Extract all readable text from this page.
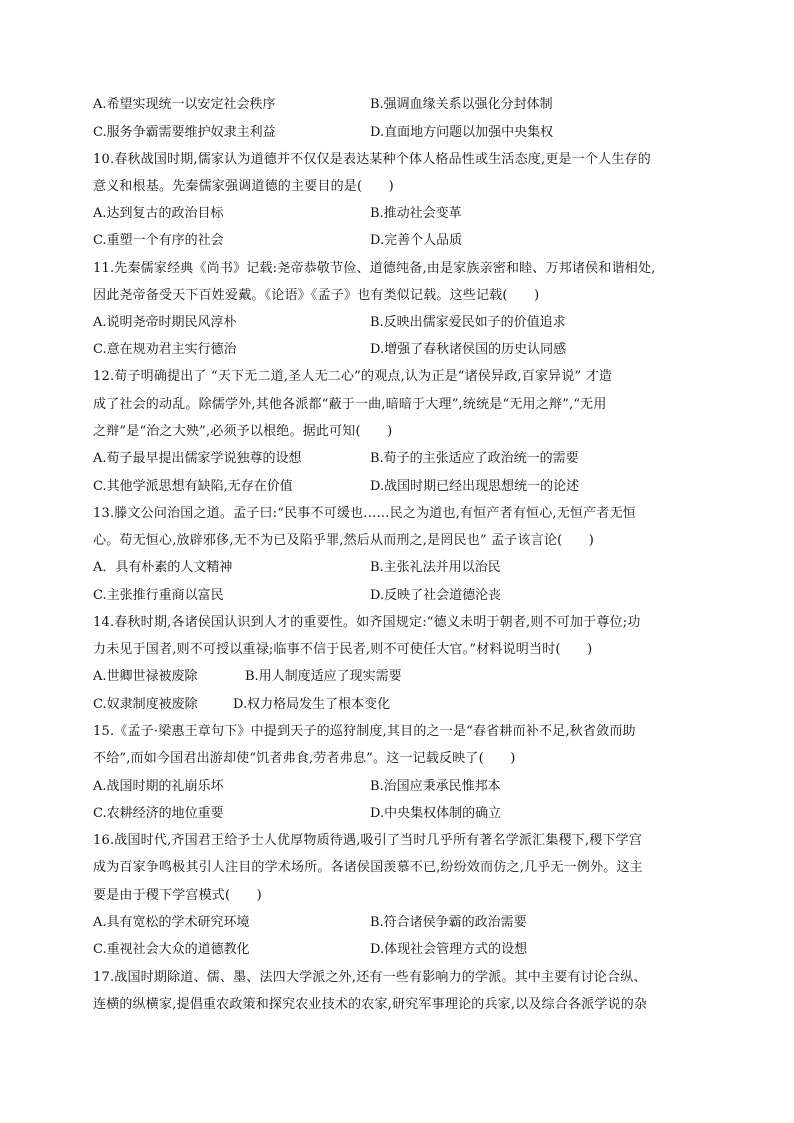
A.希望实现统一以安定社会秩序	B.强调血缘关系以强化分封体制
C.服务争霸需要维护奴隶主利益	D.直面地方问题以加强中央集权
10.春秋战国时期,儒家认为道德并不仅仅是表达某种个体人格品性或生活态度,更是一个人生存的
意义和根基。先秦儒家强调道德的主要目的是(　　)
A.达到复古的政治目标	B.推动社会变革
C.重塑一个有序的社会	D.完善个人品质
11.先秦儒家经典《尚书》记载:尧帝恭敬节俭、道德纯备,由是家族亲密和睦、万邦诸侯和谐相处,
因此尧帝备受天下百姓爱戴。《论语》《孟子》也有类似记载。这些记载(　　)
A.说明尧帝时期民风淳朴	B.反映出儒家爱民如子的价值追求
C.意在规劝君主实行德治	D.增强了春秋诸侯国的历史认同感
12.荀子明确提出了 “天下无二道,圣人无二心”的观点,认为正是“诸侯异政,百家异说” 才造
成了社会的动乱。除儒学外,其他各派都“蔽于一曲,暗暗于大理”,统统是“无用之辩”,“无用
之辩”是“治之大殃”,必须予以根绝。据此可知(　　)
A.荀子最早提出儒家学说独尊的设想	B.荀子的主张适应了政治统一的需要
C.其他学派思想有缺陷,无存在价值	D.战国时期已经出现思想统一的论述
13.滕文公问治国之道。孟子曰:“民事不可缓也……民之为道也,有恒产者有恒心,无恒产者无恒
心。苟无恒心,放辟邪侈,无不为已及陷乎罪,然后从而刑之,是罔民也” 孟子该言论(　　)
A．具有朴素的人文精神	B.主张礼法并用以治民
C.主张推行重商以富民	D.反映了社会道德沦丧
14.春秋时期,各诸侯国认识到人才的重要性。如齐国规定:“德义未明于朝者,则不可加于尊位;功
力未见于国者,则不可授以重禄;临事不信于民者,则不可使任大官。”材料说明当时(　　)
A.世卿世禄被废除	B.用人制度适应了现实需要
C.奴隶制度被废除	D.权力格局发生了根本变化
15.《孟子·梁惠王章句下》中提到天子的巡狩制度,其目的之一是“春省耕而补不足,秋省敛而助
不给”,而如今国君出游却使“饥者弗食,劳者弗息”。这一记载反映了(　　)
A.战国时期的礼崩乐坏	B.治国应秉承民惟邦本
C.农耕经济的地位重要	D.中央集权体制的确立
16.战国时代,齐国君王给予士人优厚物质待遇,吸引了当时几乎所有著名学派汇集稷下,稷下学宫
成为百家争鸣极其引人注目的学术场所。各诸侯国羡慕不已,纷纷效而仿之,几乎无一例外。这主
要是由于稷下学宫模式(　　)
A.具有宽松的学术研究环境	B.符合诸侯争霸的政治需要
C.重视社会大众的道德教化	D.体现社会管理方式的设想
17.战国时期除道、儒、墨、法四大学派之外,还有一些有影响力的学派。其中主要有讨论合纵、
连横的纵横家,提倡重农政策和探究农业技术的农家,研究军事理论的兵家,以及综合各派学说的杂
